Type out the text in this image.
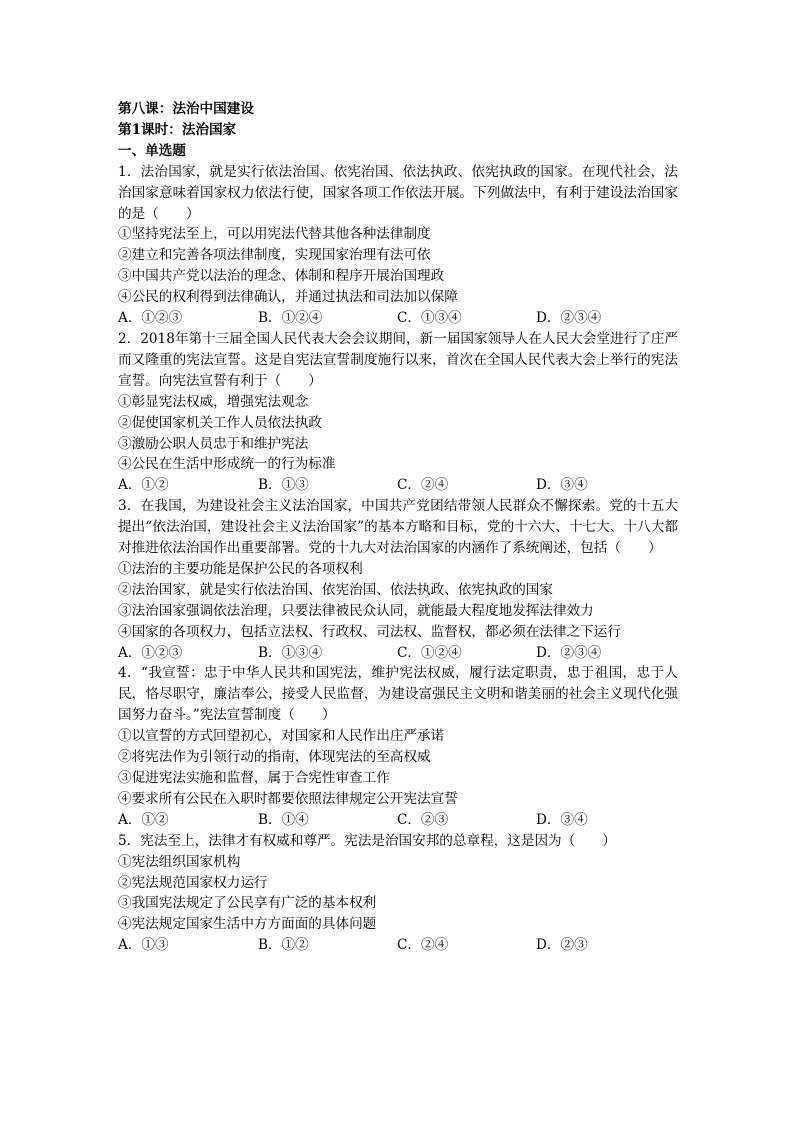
第八课：法治中国建设
第1课时：法治国家
一、单选题

1．法治国家，就是实行依法治国、依宪治国、依法执政、依宪执政的国家。在现代社会，法治国家意味着国家权力依法行使，国家各项工作依法开展。下列做法中，有利于建设法治国家的是（　　）

①坚持宪法至上，可以用宪法代替其他各种法律制度
②建立和完善各项法律制度，实现国家治理有法可依
③中国共产党以法治的理念、体制和程序开展治国理政
④公民的权利得到法律确认，并通过执法和司法加以保障
A．①②③	B．①②④	C．①③④	D．②③④

2．2018年第十三届全国人民代表大会会议期间，新一届国家领导人在人民大会堂进行了庄严而又隆重的宪法宣誓。这是自宪法宣誓制度施行以来，首次在全国人民代表大会上举行的宪法宣誓。向宪法宣誓有利于（　　）

①彰显宪法权威，增强宪法观念
②促使国家机关工作人员依法执政
③激励公职人员忠于和维护宪法
④公民在生活中形成统一的行为标准
A．①②	B．①③	C．②④	D．③④

3．在我国，为建设社会主义法治国家，中国共产党团结带领人民群众不懈探索。党的十五大提出“依法治国，建设社会主义法治国家”的基本方略和目标，党的十六大、十七大、十八大都对推进依法治国作出重要部署。党的十九大对法治国家的内涵作了系统阐述，包括（　　）

①法治的主要功能是保护公民的各项权利
②法治国家，就是实行依法治国、依宪治国、依法执政、依宪执政的国家
③法治国家强调依法治理，只要法律被民众认同，就能最大程度地发挥法律效力
④国家的各项权力，包括立法权、行政权、司法权、监督权，都必须在法律之下运行
A．①②③	B．①③④	C．①②④	D．②③④

4．“我宣誓：忠于中华人民共和国宪法，维护宪法权威，履行法定职责，忠于祖国，忠于人民，恪尽职守，廉洁奉公，接受人民监督，为建设富强民主文明和谐美丽的社会主义现代化强国努力奋斗。”宪法宣誓制度（　　）

①以宣誓的方式回望初心，对国家和人民作出庄严承诺
②将宪法作为引领行动的指南，体现宪法的至高权威
③促进宪法实施和监督，属于合宪性审查工作
④要求所有公民在入职时都要依照法律规定公开宪法宣誓
A．①②	B．①④	C．②③	D．③④

5．宪法至上，法律才有权威和尊严。宪法是治国安邦的总章程，这是因为（　　）

①宪法组织国家机构
②宪法规范国家权力运行
③我国宪法规定了公民享有广泛的基本权利
④宪法规定国家生活中方方面面的具体问题
A．①③	B．①②	C．②④	D．②③
